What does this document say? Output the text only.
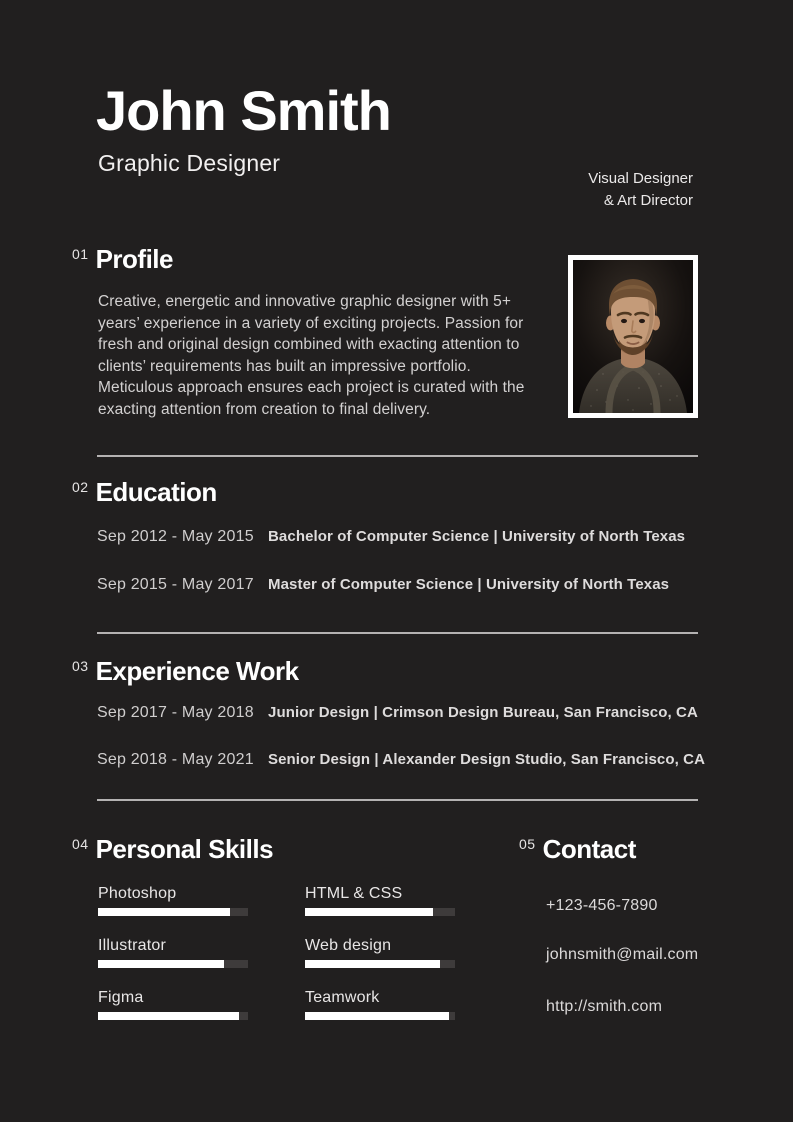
John Smith
Graphic Designer
Visual Designer
& Art Director
01 Profile

Creative, energetic and innovative graphic designer with 5+ years’ experience in a variety of exciting projects. Passion for fresh and original design combined with exacting attention to clients’ requirements has built an impressive portfolio. Meticulous approach ensures each project is curated with the exacting attention from creation to final delivery.

02 Education
Sep 2012 - May 2015 Bachelor of Computer Science | University of North Texas
Sep 2015 - May 2017 Master of Computer Science | University of North Texas
03 Experience Work
Sep 2017 - May 2018 Junior Design | Crimson Design Bureau, San Francisco, CA
Sep 2018 - May 2021 Senior Design | Alexander Design Studio, San Francisco, CA
04 Personal Skills
Photoshop
Illustrator
Figma
HTML & CSS
Web design
Teamwork
05 Contact
+123-456-7890
johnsmith@mail.com
http://smith.com
